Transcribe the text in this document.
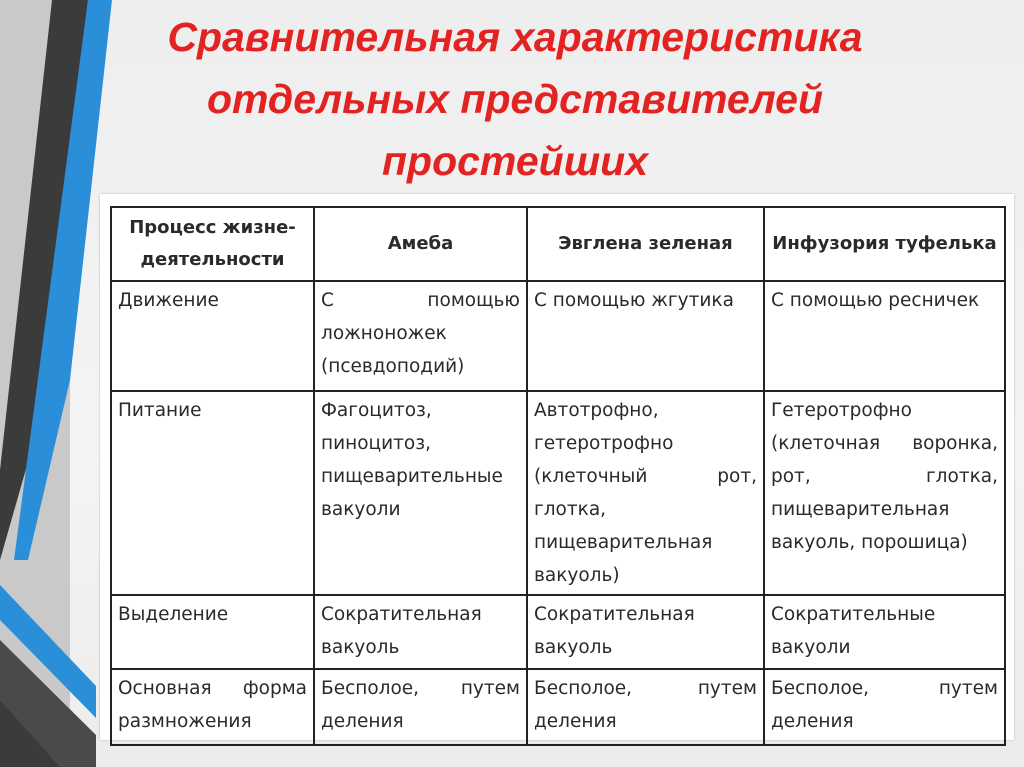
Сравнительная характеристика
отдельных представителей
простейших
Процесс жизне-деятельности	Амеба	Эвглена зеленая	Инфузория туфелька
Движение	С помощью ложноножек (псевдоподий)	С помощью жгутика	С помощью ресничек
Питание	Фагоцитоз, пиноцитоз, пищеварительные вакуоли	Автотрофно, гетеротрофно (клеточный рот, глотка, пищеварительная вакуоль)	Гетеротрофно (клеточная воронка, рот, глотка, пищеварительная вакуоль, порошица)
Выделение	Сократительная вакуоль	Сократительная вакуоль	Сократительные вакуоли
Основная форма размножения	Бесполое, путем деления	Бесполое, путем деления	Бесполое, путем деления
